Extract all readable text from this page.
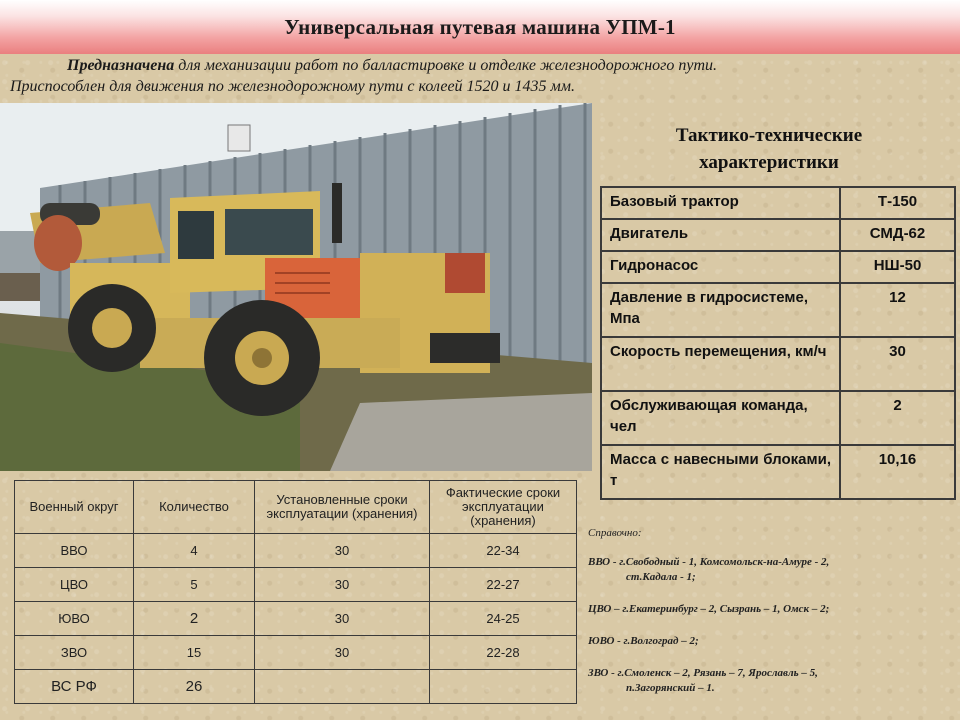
Универсальная путевая машина УПМ-1
Предназначена для механизации работ по балластировке и отделке железнодорожного пути.
Приспособлен для движения по железнодорожному пути с колеей 1520 и 1435 мм.
Тактико-технические характеристики
Базовый трактор	Т-150
Двигатель	СМД-62
Гидронасос	НШ-50
Давление в гидросистеме, Мпа	12
Скорость перемещения, км/ч	30
Обслуживающая команда, чел	2
Масса с навесными блоками, т	10,16
Военный округ	Количество	Установленные сроки эксплуатации (хранения)	Фактические сроки эксплуатации (хранения)
ВВО	4	30	22-34
ЦВО	5	30	22-27
ЮВО	2	30	24-25
ЗВО	15	30	22-28
ВС РФ	26		
Справочно:

ВВО - г.Свободный - 1, Комсомольск-на-Амуре - 2,
ст.Кадала - 1;

ЦВО – г.Екатеринбург – 2, Сызрань – 1, Омск – 2;

ЮВО - г.Волгоград – 2;

ЗВО - г.Смоленск – 2, Рязань – 7, Ярославль – 5,
п.Загорянский – 1.
